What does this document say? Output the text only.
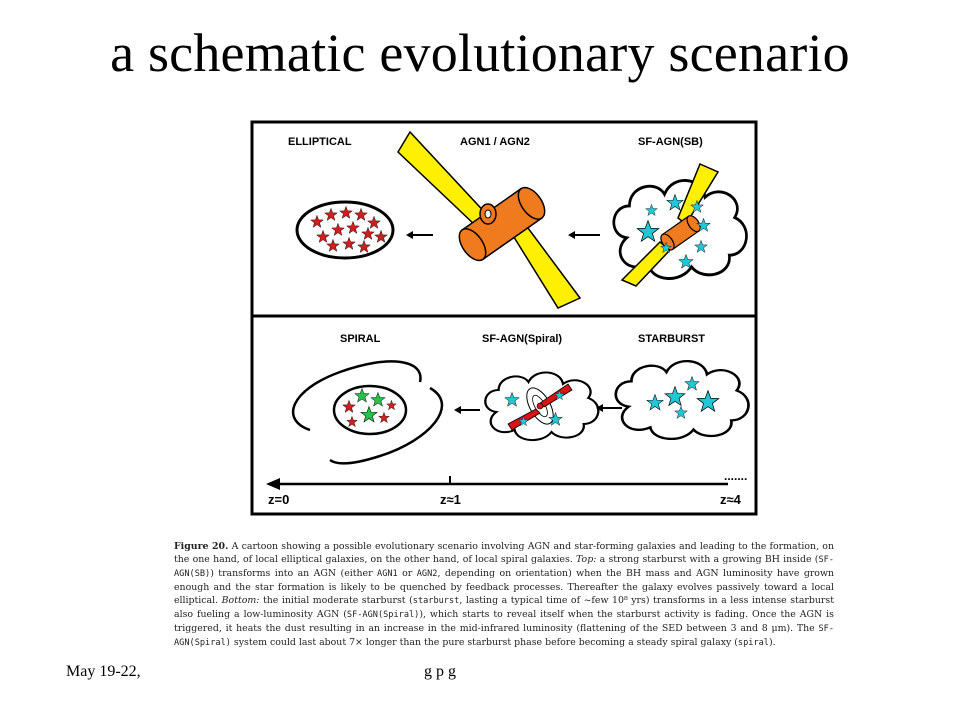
a schematic evolutionary scenario
ELLIPTICAL	AGN1 / AGN2	SF-AGN(SB)
SPIRAL	SF-AGN(Spiral)	STARBURST
z=0	z≈1	z≈4
.......
Figure 20. A cartoon showing a possible evolutionary scenario involving AGN and star-forming galaxies and leading to the formation, on the one hand, of local elliptical galaxies, on the other hand, of local spiral galaxies. Top: a strong starburst with a growing BH inside (SF-AGN(SB)) transforms into an AGN (either AGN1 or AGN2, depending on orientation) when the BH mass and AGN luminosity have grown enough and the star formation is likely to be quenched by feedback processes. Thereafter the galaxy evolves passively toward a local elliptical. Bottom: the initial moderate starburst (starburst, lasting a typical time of ~few 10⁸ yrs) transforms in a less intense starburst also fueling a low-luminosity AGN (SF-AGN(Spiral)), which starts to reveal itself when the starburst activity is fading. Once the AGN is triggered, it heats the dust resulting in an increase in the mid-infrared luminosity (flattening of the SED between 3 and 8 μm). The SF-AGN(Spiral) system could last about 7× longer than the pure starburst phase before becoming a steady spiral galaxy (spiral).
g p g
May 19-22,
